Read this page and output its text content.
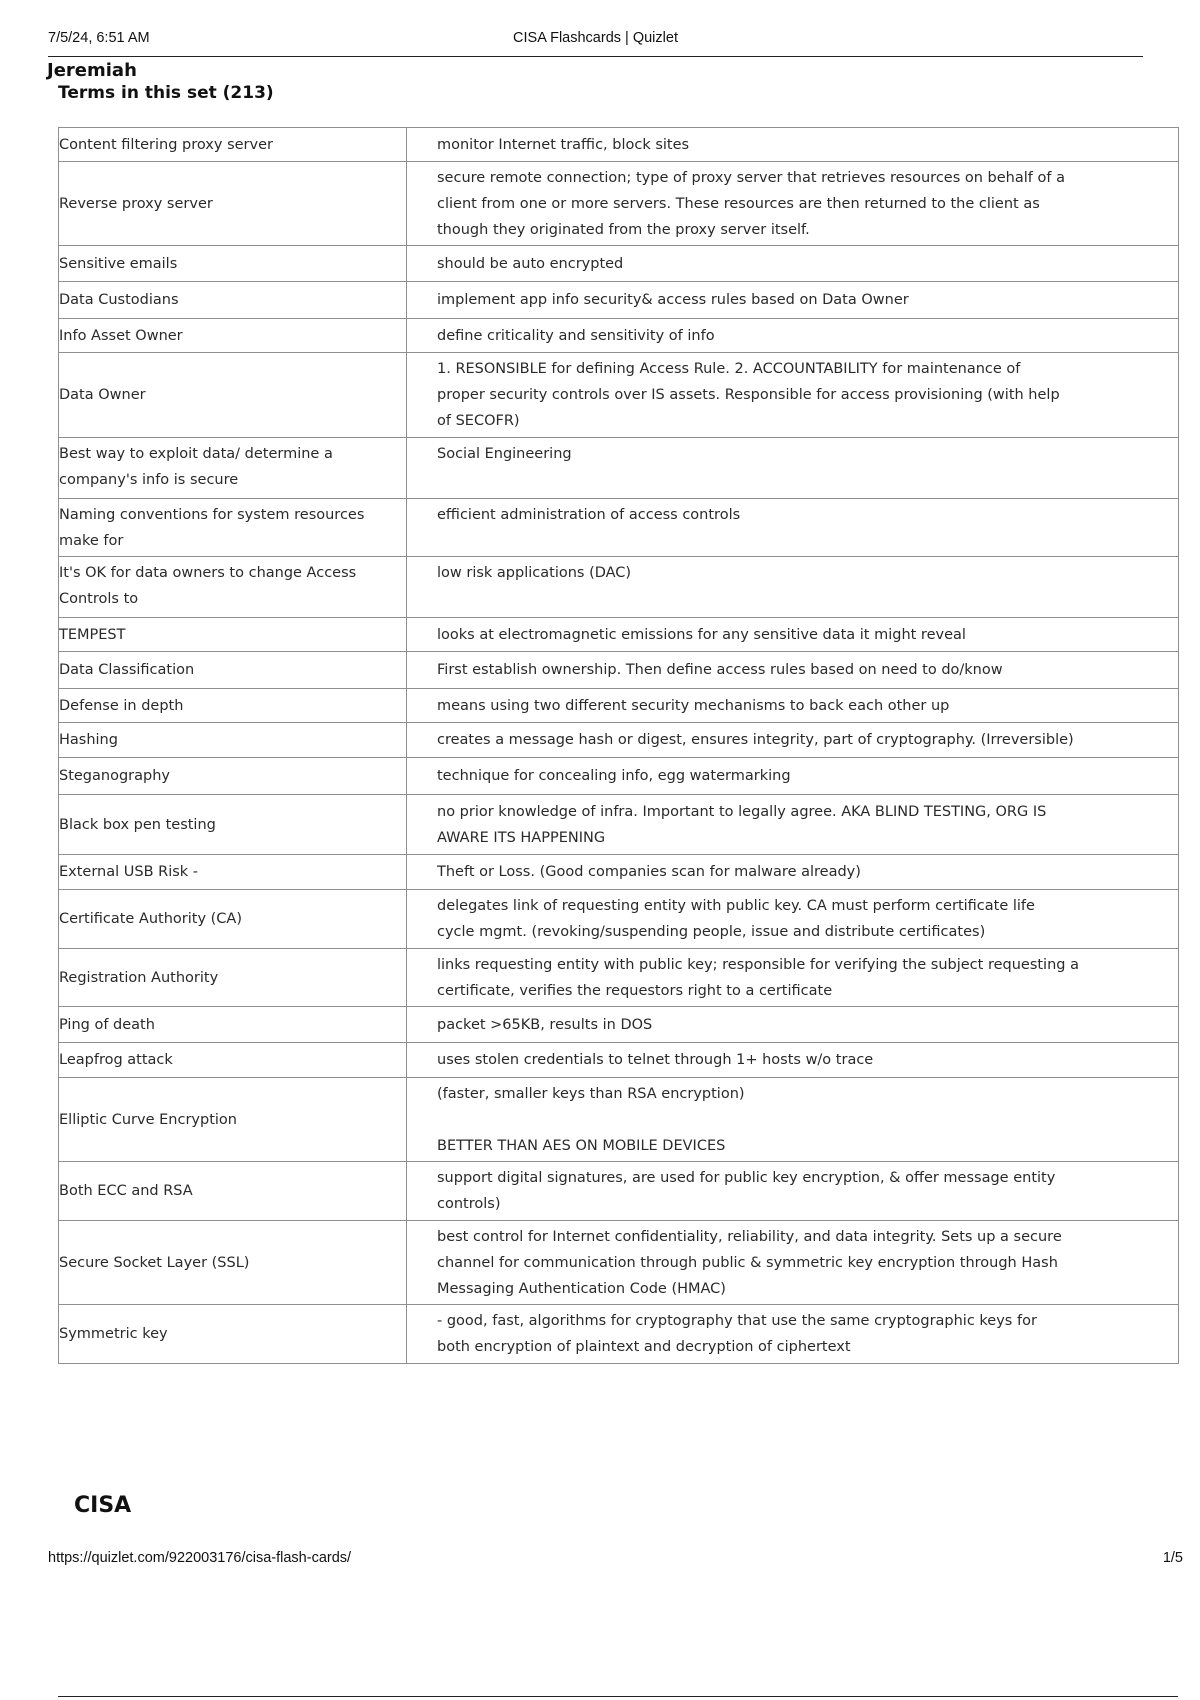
7/5/24, 6:51 AM	CISA Flashcards | Quizlet
Jeremiah
Terms in this set (213)
Content filtering proxy server	monitor Internet traffic, block sites

Reverse proxy server	secure remote connection; type of proxy server that retrieves resources on behalf of a
client from one or more servers. These resources are then returned to the client as
though they originated from the proxy server itself.

Sensitive emails	should be auto encrypted

Data Custodians	implement app info security& access rules based on Data Owner

Info Asset Owner	define criticality and sensitivity of info

Data Owner	1. RESONSIBLE for defining Access Rule. 2. ACCOUNTABILITY for maintenance of
proper security controls over IS assets. Responsible for access provisioning (with help
of SECOFR)

Best way to exploit data/ determine a company's info is secure	Social Engineering

Naming conventions for system resources make for	efficient administration of access controls

It's OK for data owners to change Access Controls to	low risk applications (DAC)

TEMPEST	looks at electromagnetic emissions for any sensitive data it might reveal

Data Classification	First establish ownership. Then define access rules based on need to do/know

Defense in depth	means using two different security mechanisms to back each other up

Hashing	creates a message hash or digest, ensures integrity, part of cryptography. (Irreversible)

Steganography	technique for concealing info, egg watermarking

Black box pen testing	no prior knowledge of infra. Important to legally agree. AKA BLIND TESTING, ORG IS
AWARE ITS HAPPENING

External USB Risk -	Theft or Loss. (Good companies scan for malware already)

Certificate Authority (CA)	delegates link of requesting entity with public key. CA must perform certificate life
cycle mgmt. (revoking/suspending people, issue and distribute certificates)

Registration Authority	links requesting entity with public key; responsible for verifying the subject requesting a
certificate, verifies the requestors right to a certificate

Ping of death	packet >65KB, results in DOS

Leapfrog attack	uses stolen credentials to telnet through 1+ hosts w/o trace

Elliptic Curve Encryption	(faster, smaller keys than RSA encryption)
BETTER THAN AES ON MOBILE DEVICES

Both ECC and RSA	support digital signatures, are used for public key encryption, & offer message entity
controls)

Secure Socket Layer (SSL)	best control for Internet confidentiality, reliability, and data integrity. Sets up a secure
channel for communication through public & symmetric key encryption through Hash
Messaging Authentication Code (HMAC)

Symmetric key	- good, fast, algorithms for cryptography that use the same cryptographic keys for
both encryption of plaintext and decryption of ciphertext
CISA
https://quizlet.com/922003176/cisa-flash-cards/	1/5
